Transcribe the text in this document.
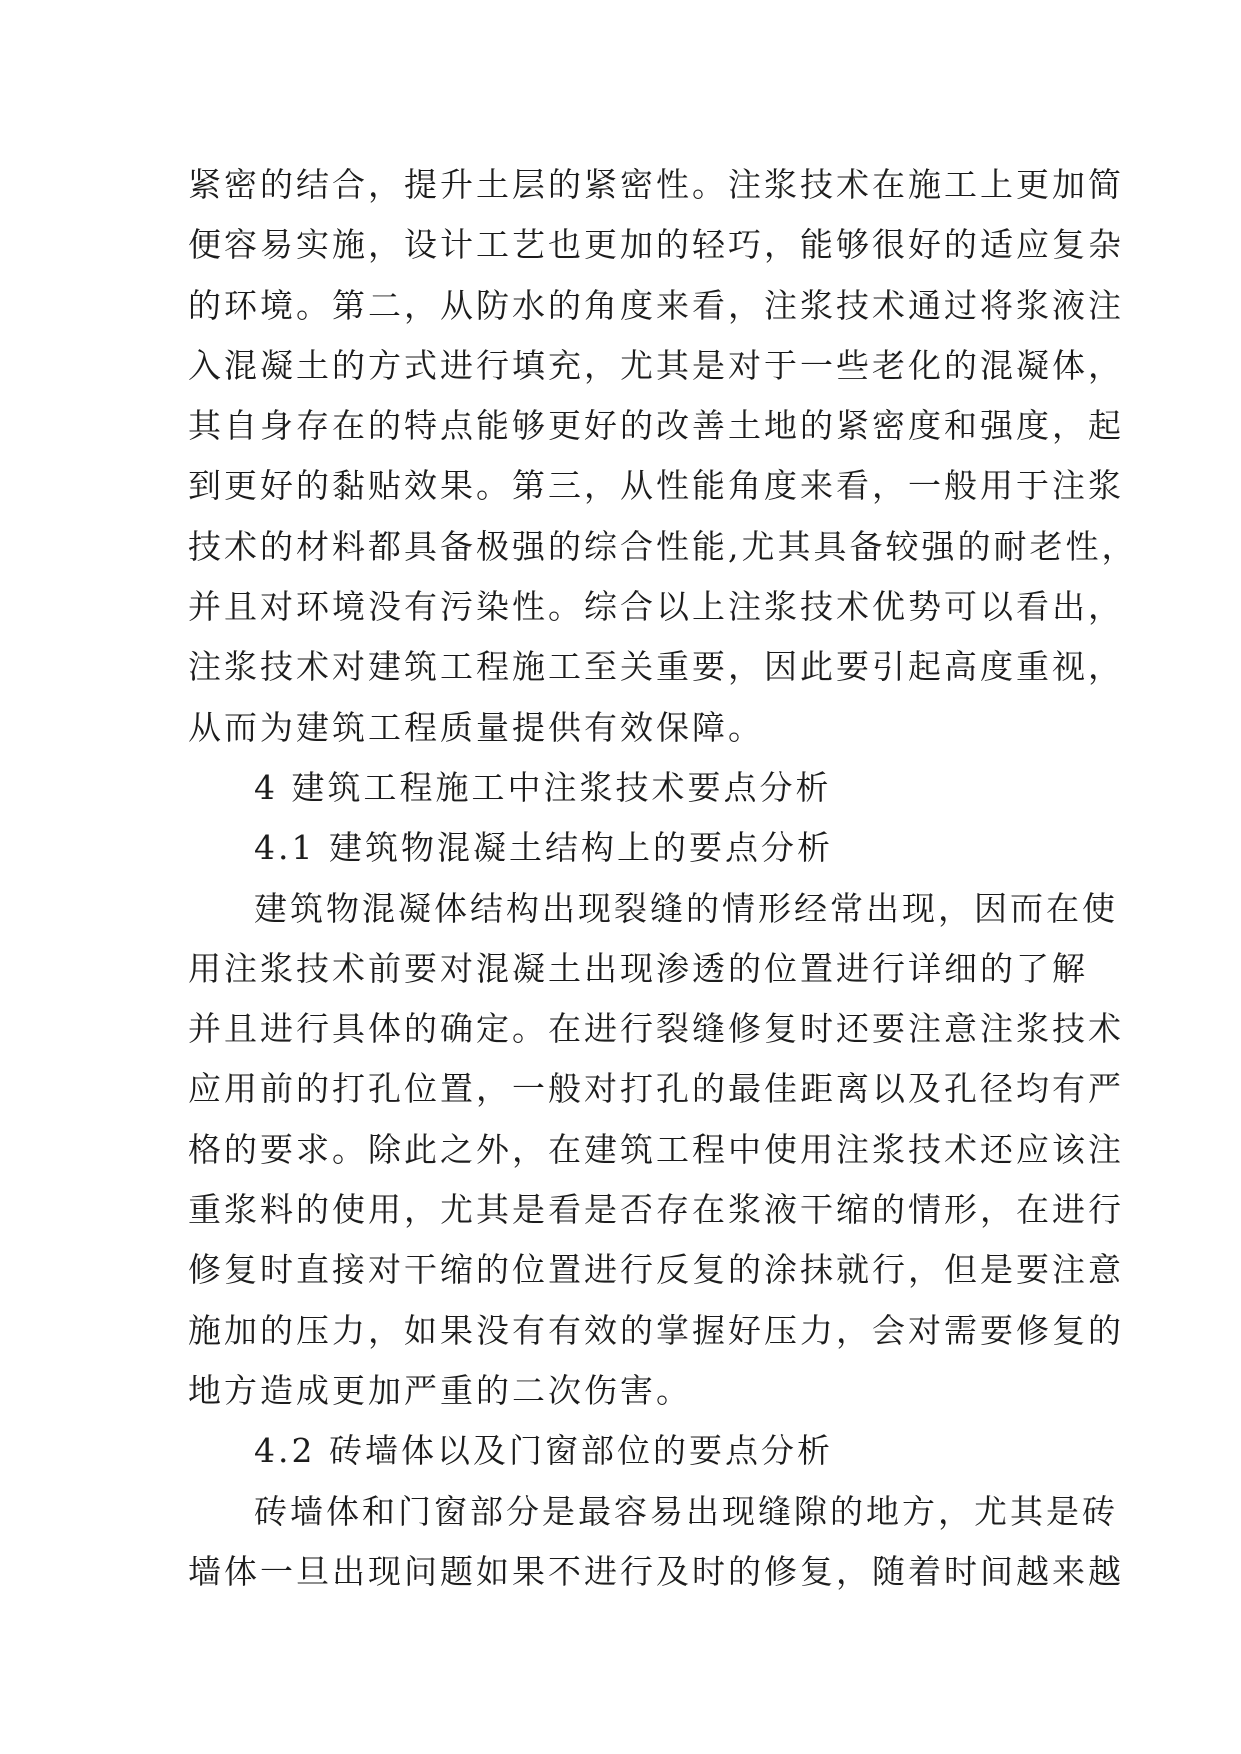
紧密的结合，提升土层的紧密性。注浆技术在施工上更加简
便容易实施，设计工艺也更加的轻巧，能够很好的适应复杂
的环境。第二，从防水的角度来看，注浆技术通过将浆液注
入混凝土的方式进行填充，尤其是对于一些老化的混凝体，
其自身存在的特点能够更好的改善土地的紧密度和强度，起
到更好的黏贴效果。第三，从性能角度来看，一般用于注浆
技术的材料都具备极强的综合性能,尤其具备较强的耐老性，
并且对环境没有污染性。综合以上注浆技术优势可以看出，
注浆技术对建筑工程施工至关重要，因此要引起高度重视，
从而为建筑工程质量提供有效保障。
4 建筑工程施工中注浆技术要点分析
4.1 建筑物混凝土结构上的要点分析
建筑物混凝体结构出现裂缝的情形经常出现，因而在使
用注浆技术前要对混凝土出现渗透的位置进行详细的了解
并且进行具体的确定。在进行裂缝修复时还要注意注浆技术
应用前的打孔位置，一般对打孔的最佳距离以及孔径均有严
格的要求。除此之外，在建筑工程中使用注浆技术还应该注
重浆料的使用，尤其是看是否存在浆液干缩的情形，在进行
修复时直接对干缩的位置进行反复的涂抹就行，但是要注意
施加的压力，如果没有有效的掌握好压力，会对需要修复的
地方造成更加严重的二次伤害。
4.2 砖墙体以及门窗部位的要点分析
砖墙体和门窗部分是最容易出现缝隙的地方，尤其是砖
墙体一旦出现问题如果不进行及时的修复，随着时间越来越
